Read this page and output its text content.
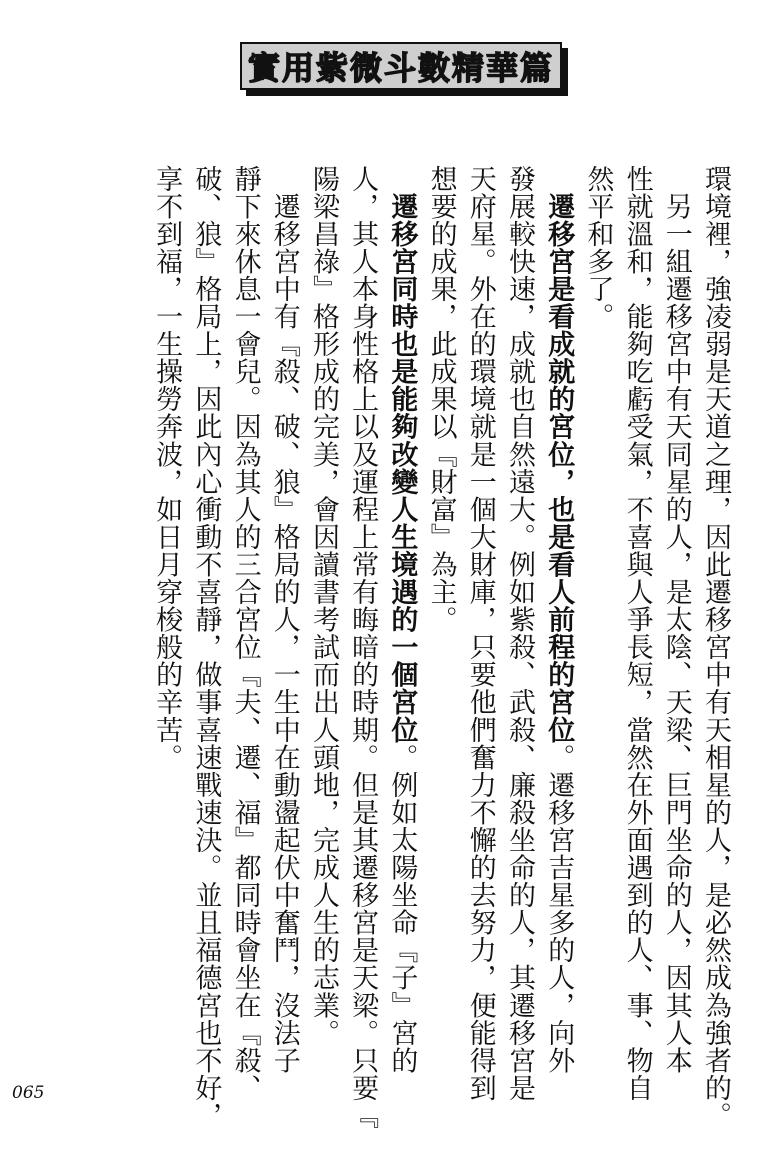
實用紫微斗數精華篇
環境裡，強凌弱是天道之理，因此遷移宮中有天相星的人，是必然成為強者的。
　另一組遷移宮中有天同星的人，是太陰、天梁、巨門坐命的人，因其人本
性就溫和，能夠吃虧受氣，不喜與人爭長短，當然在外面遇到的人、事、物自
然平和多了。
　遷移宮是看成就的宮位，也是看人前程的宮位。遷移宮吉星多的人，向外
發展較快速，成就也自然遠大。例如紫殺、武殺、廉殺坐命的人，其遷移宮是
天府星。外在的環境就是一個大財庫，只要他們奮力不懈的去努力，便能得到
想要的成果，此成果以『財富』為主。
　遷移宮同時也是能夠改變人生境遇的一個宮位。例如太陽坐命『子』宮的
人，其人本身性格上以及運程上常有晦暗的時期。但是其遷移宮是天梁。只要『
陽梁昌祿』格形成的完美，會因讀書考試而出人頭地，完成人生的志業。
　遷移宮中有『殺、破、狼』格局的人，一生中在動盪起伏中奮鬥，沒法子
靜下來休息一會兒。因為其人的三合宮位『夫、遷、福』都同時會坐在『殺、
破、狼』格局上，因此內心衝動不喜靜，做事喜速戰速決。並且福德宮也不好，
享不到福，一生操勞奔波，如日月穿梭般的辛苦。
065
